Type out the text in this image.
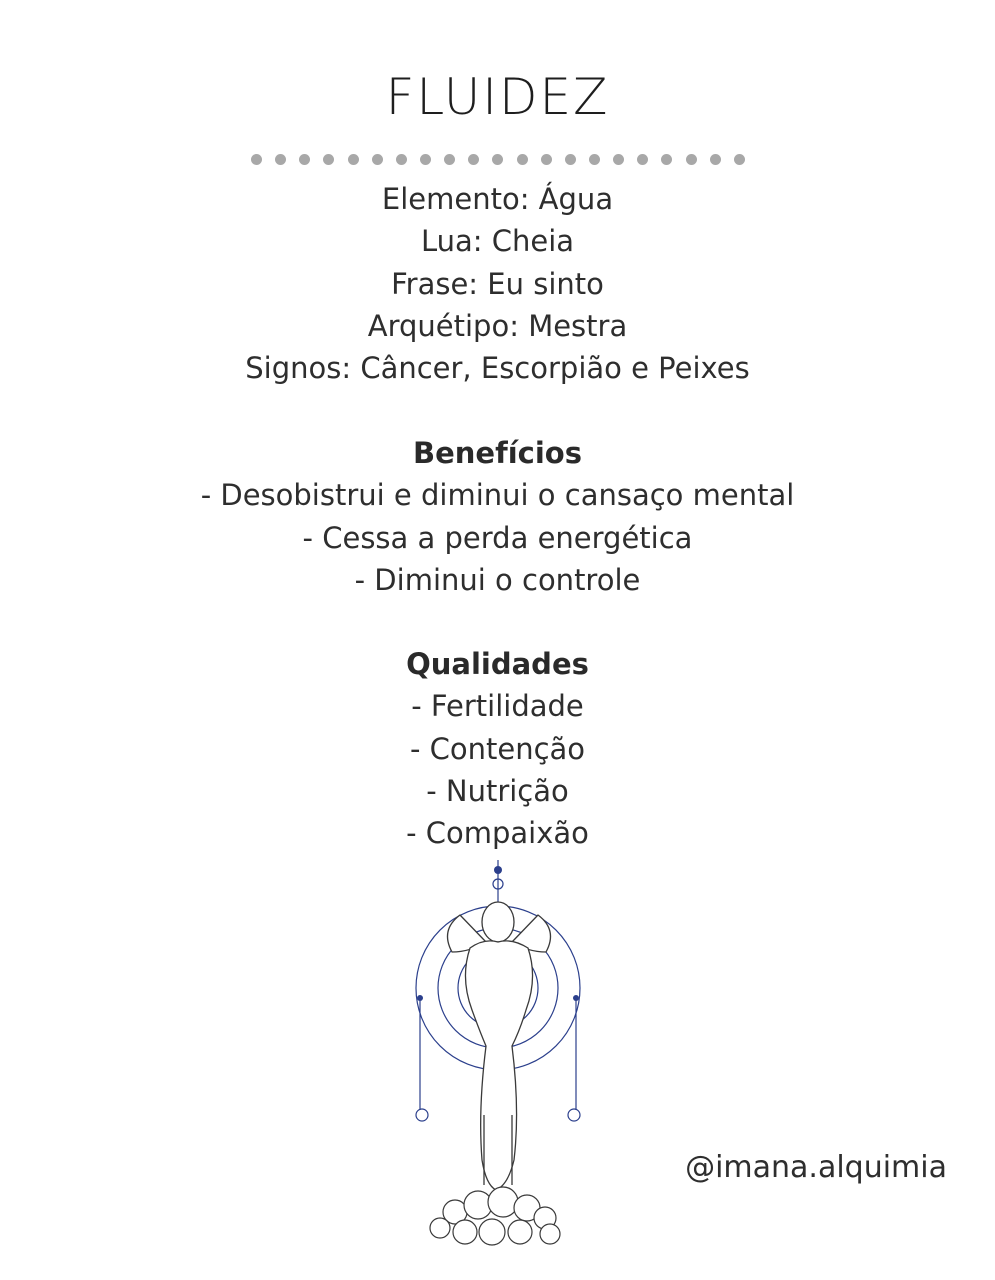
FLUIDEZ
Elemento: Água
Lua: Cheia
Frase: Eu sinto
Arquétipo: Mestra
Signos: Câncer, Escorpião e Peixes
Benefícios
- Desobistrui e diminui o cansaço mental
- Cessa a perda energética
- Diminui o controle
Qualidades
- Fertilidade
- Contenção
- Nutrição
- Compaixão
@imana.alquimia
